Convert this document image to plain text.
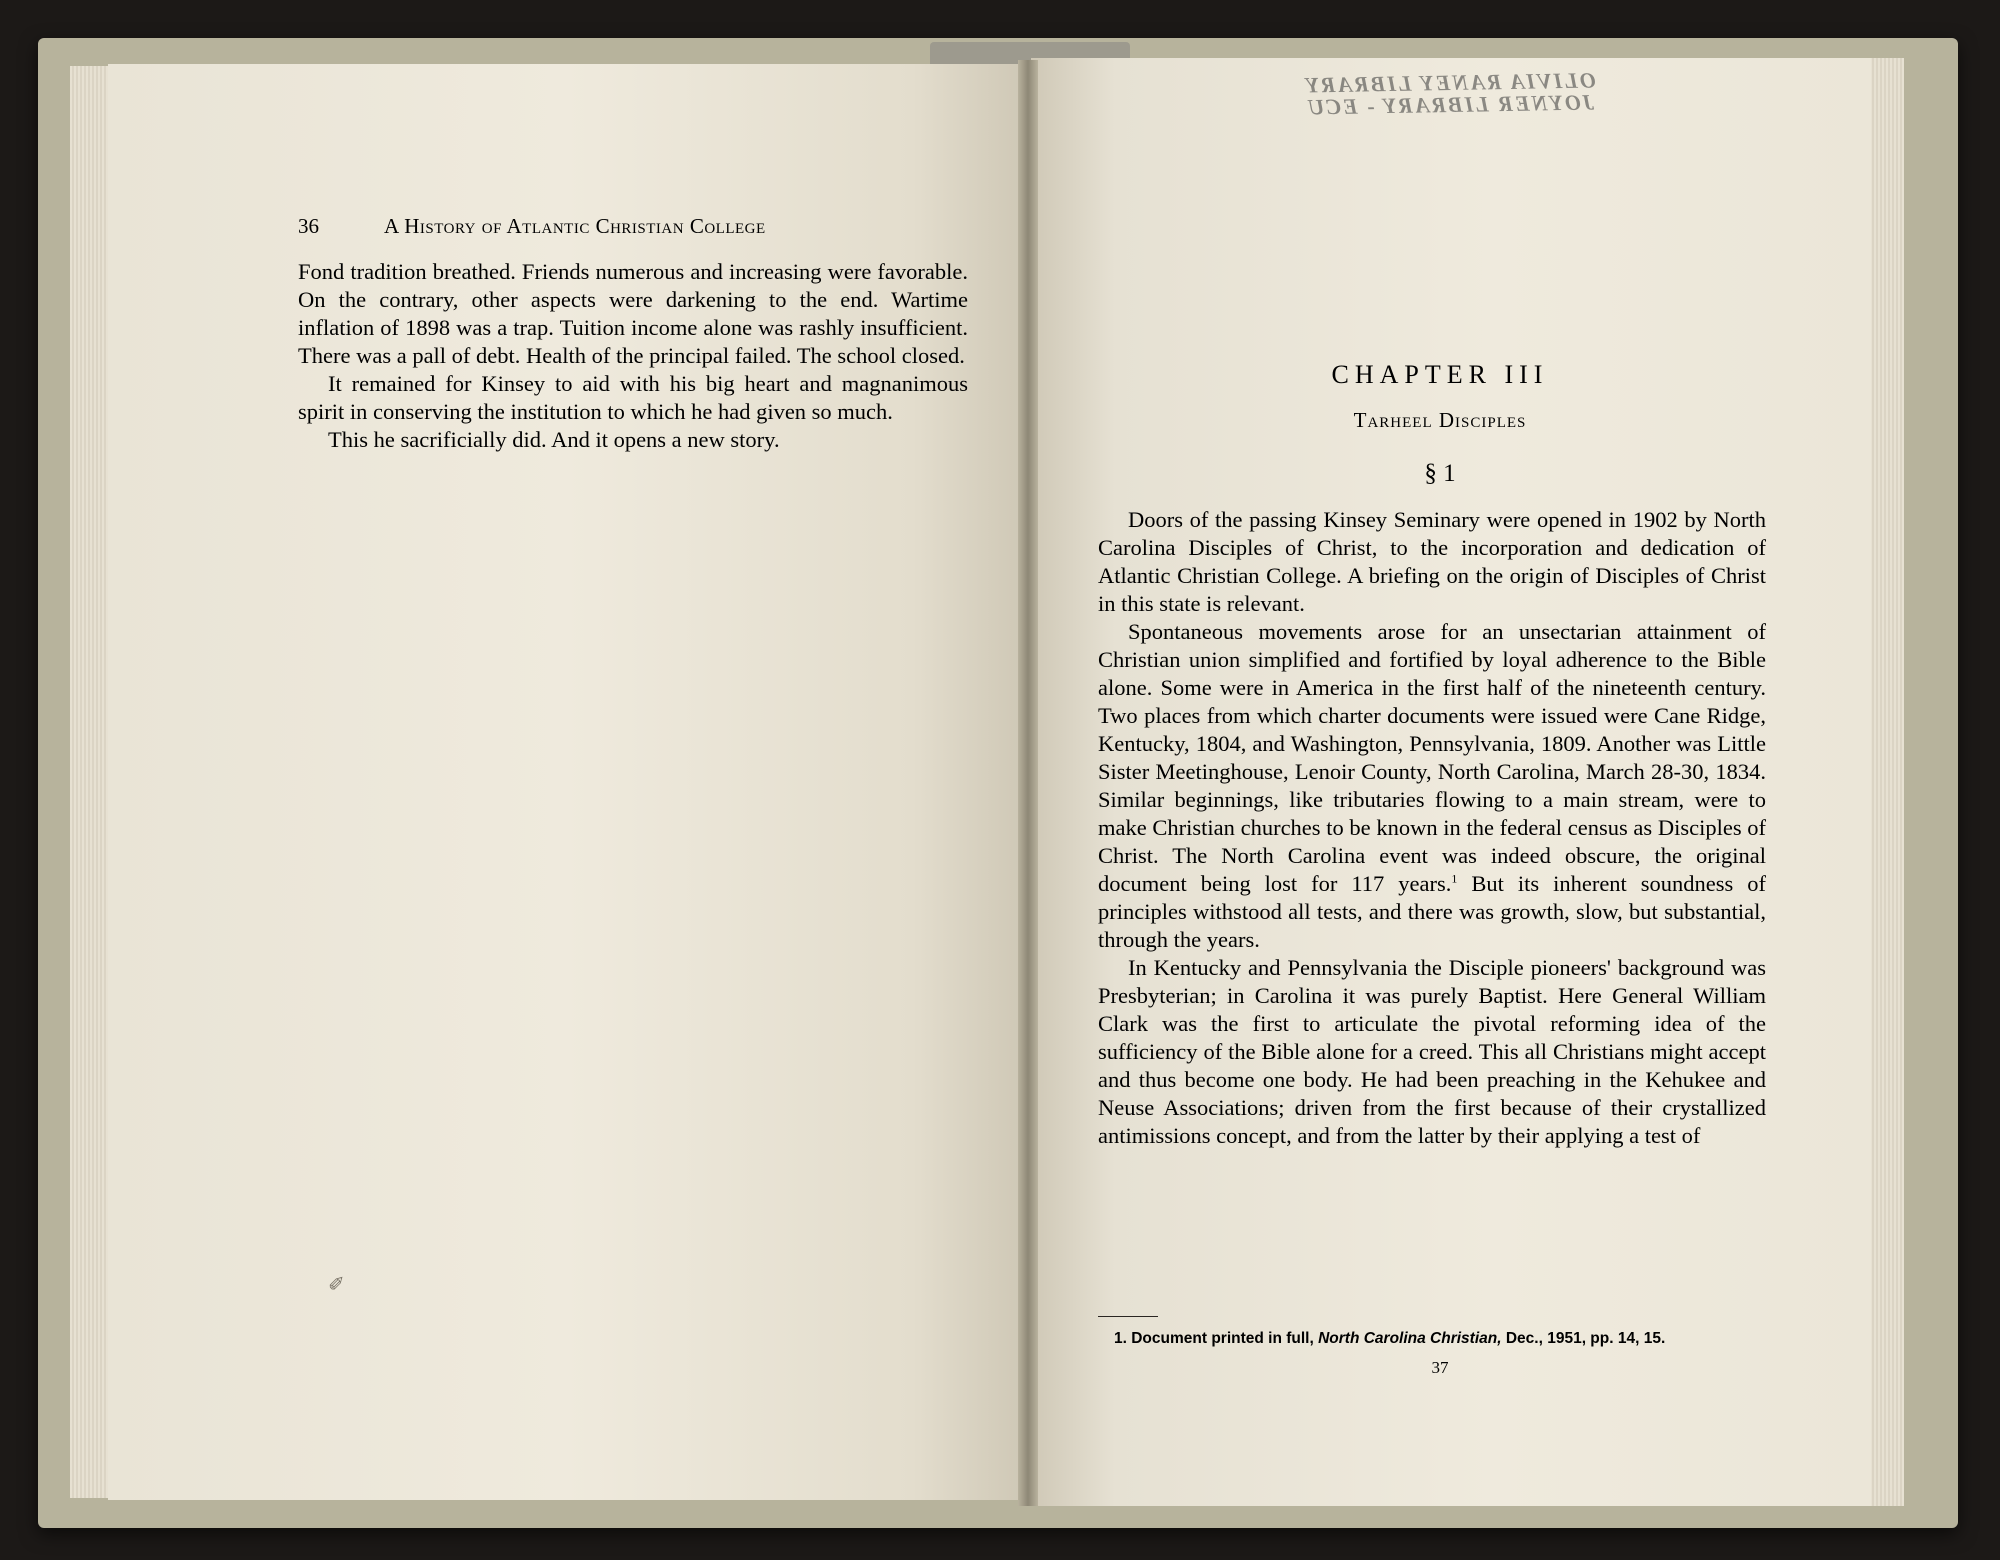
OLIVIA RANEY LIBRARY
JOYNER LIBRARY - ECU
36	A History of Atlantic Christian College

Fond tradition breathed. Friends numerous and increasing were favorable. On the contrary, other aspects were darkening to the end. Wartime inflation of 1898 was a trap. Tuition income alone was rashly insufficient. There was a pall of debt. Health of the principal failed. The school closed.

It remained for Kinsey to aid with his big heart and magnanimous spirit in conserving the institution to which he had given so much.

This he sacrificially did. And it opens a new story.

✐
CHAPTER III
Tarheel Disciples
§ 1

Doors of the passing Kinsey Seminary were opened in 1902 by North Carolina Disciples of Christ, to the incorporation and dedication of Atlantic Christian College. A briefing on the origin of Disciples of Christ in this state is relevant.

Spontaneous movements arose for an unsectarian attainment of Christian union simplified and fortified by loyal adherence to the Bible alone. Some were in America in the first half of the nineteenth century. Two places from which charter documents were issued were Cane Ridge, Kentucky, 1804, and Washington, Pennsylvania, 1809. Another was Little Sister Meetinghouse, Lenoir County, North Carolina, March 28-30, 1834. Similar beginnings, like tributaries flowing to a main stream, were to make Christian churches to be known in the federal census as Disciples of Christ. The North Carolina event was indeed obscure, the original document being lost for 117 years.$^1$ But its inherent soundness of principles withstood all tests, and there was growth, slow, but substantial, through the years.

In Kentucky and Pennsylvania the Disciple pioneers' background was Presbyterian; in Carolina it was purely Baptist. Here General William Clark was the first to articulate the pivotal reforming idea of the sufficiency of the Bible alone for a creed. This all Christians might accept and thus become one body. He had been preaching in the Kehukee and Neuse Associations; driven from the first because of their crystallized antimissions concept, and from the latter by their applying a test of

1. Document printed in full, North Carolina Christian, Dec., 1951, pp. 14, 15.
37
